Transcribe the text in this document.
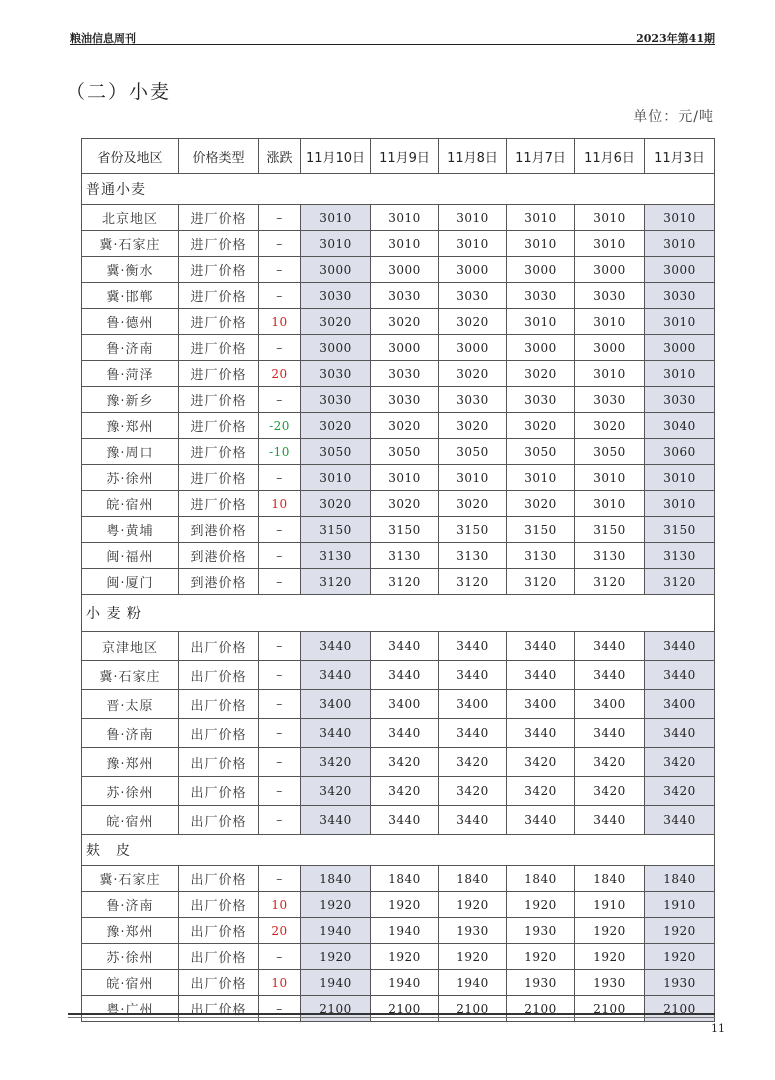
粮油信息周刊	2023年第41期
（二）小麦
单位：元/吨
省份及地区	价格类型	涨跌	11月10日	11月9日	11月8日	11月7日	11月6日	11月3日
普通小麦								
北京地区	进厂价格	–	3010	3010	3010	3010	3010	3010
冀·石家庄	进厂价格	–	3010	3010	3010	3010	3010	3010
冀·衡水	进厂价格	–	3000	3000	3000	3000	3000	3000
冀·邯郸	进厂价格	–	3030	3030	3030	3030	3030	3030
鲁·德州	进厂价格	10	3020	3020	3020	3010	3010	3010
鲁·济南	进厂价格	–	3000	3000	3000	3000	3000	3000
鲁·菏泽	进厂价格	20	3030	3030	3020	3020	3010	3010
豫·新乡	进厂价格	–	3030	3030	3030	3030	3030	3030
豫·郑州	进厂价格	-20	3020	3020	3020	3020	3020	3040
豫·周口	进厂价格	-10	3050	3050	3050	3050	3050	3060
苏·徐州	进厂价格	–	3010	3010	3010	3010	3010	3010
皖·宿州	进厂价格	10	3020	3020	3020	3020	3010	3010
粤·黄埔	到港价格	–	3150	3150	3150	3150	3150	3150
闽·福州	到港价格	–	3130	3130	3130	3130	3130	3130
闽·厦门	到港价格	–	3120	3120	3120	3120	3120	3120
小 麦 粉								
京津地区	出厂价格	–	3440	3440	3440	3440	3440	3440
冀·石家庄	出厂价格	–	3440	3440	3440	3440	3440	3440
晋·太原	出厂价格	–	3400	3400	3400	3400	3400	3400
鲁·济南	出厂价格	–	3440	3440	3440	3440	3440	3440
豫·郑州	出厂价格	–	3420	3420	3420	3420	3420	3420
苏·徐州	出厂价格	–	3420	3420	3420	3420	3420	3420
皖·宿州	出厂价格	–	3440	3440	3440	3440	3440	3440
麸　皮								
冀·石家庄	出厂价格	–	1840	1840	1840	1840	1840	1840
鲁·济南	出厂价格	10	1920	1920	1920	1920	1910	1910
豫·郑州	出厂价格	20	1940	1940	1930	1930	1920	1920
苏·徐州	出厂价格	–	1920	1920	1920	1920	1920	1920
皖·宿州	出厂价格	10	1940	1940	1940	1930	1930	1930
粤·广州	出厂价格	–	2100	2100	2100	2100	2100	2100
11
